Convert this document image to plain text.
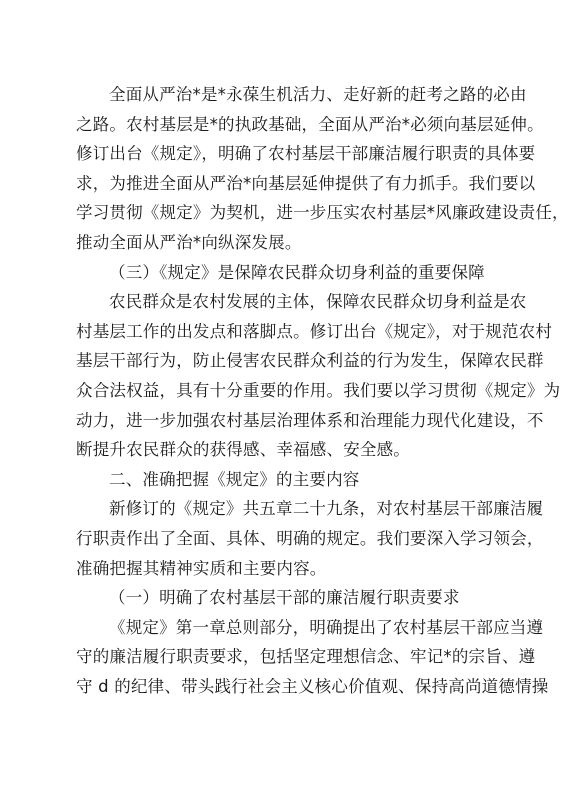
全面从严治*是*永葆生机活力、走好新的赶考之路的必由
之路。农村基层是*的执政基础，全面从严治*必须向基层延伸。
修订出台《规定》，明确了农村基层干部廉洁履行职责的具体要
求，为推进全面从严治*向基层延伸提供了有力抓手。我们要以
学习贯彻《规定》为契机，进一步压实农村基层*风廉政建设责任，
推动全面从严治*向纵深发展。

（三）《规定》是保障农民群众切身利益的重要保障

农民群众是农村发展的主体，保障农民群众切身利益是农
村基层工作的出发点和落脚点。修订出台《规定》，对于规范农村
基层干部行为，防止侵害农民群众利益的行为发生，保障农民群
众合法权益，具有十分重要的作用。我们要以学习贯彻《规定》为
动力，进一步加强农村基层治理体系和治理能力现代化建设，不
断提升农民群众的获得感、幸福感、安全感。

二、准确把握《规定》的主要内容

新修订的《规定》共五章二十九条，对农村基层干部廉洁履
行职责作出了全面、具体、明确的规定。我们要深入学习领会，
准确把握其精神实质和主要内容。

（一）明确了农村基层干部的廉洁履行职责要求

《规定》第一章总则部分，明确提出了农村基层干部应当遵
守的廉洁履行职责要求，包括坚定理想信念、牢记*的宗旨、遵
守 d 的纪律、带头践行社会主义核心价值观、保持高尚道德情操
